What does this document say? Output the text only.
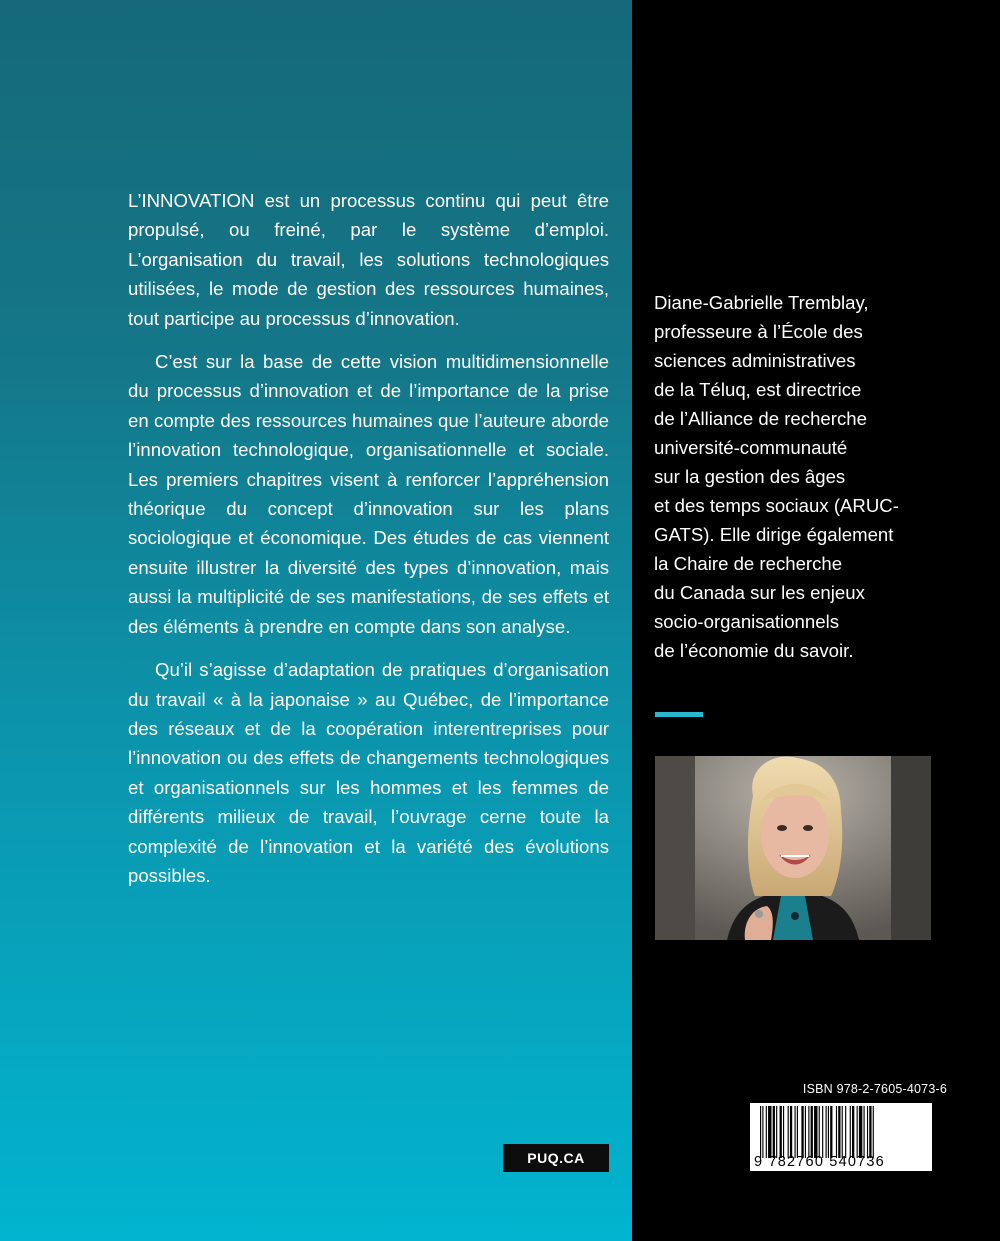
L’INNOVATION est un processus continu qui peut être propulsé, ou freiné, par le système d’emploi. L’organisation du travail, les solutions technologiques utilisées, le mode de gestion des ressources humaines, tout participe au processus d’innovation.

C’est sur la base de cette vision multidimensionnelle du processus d’innovation et de l’importance de la prise en compte des ressources humaines que l’auteure aborde l’innovation technologique, organisationnelle et sociale. Les premiers chapitres visent à renforcer l’appréhension théorique du concept d’innovation sur les plans sociologique et économique. Des études de cas viennent ensuite illustrer la diversité des types d’innovation, mais aussi la multiplicité de ses manifestations, de ses effets et des éléments à prendre en compte dans son analyse.

Qu’il s’agisse d’adaptation de pratiques d’organisation du travail « à la japonaise » au Québec, de l’importance des réseaux et de la coopération interentreprises pour l’innovation ou des effets de changements technologiques et organisationnels sur les hommes et les femmes de différents milieux de travail, l’ouvrage cerne toute la complexité de l’innovation et la variété des évolutions possibles.

Diane-Gabrielle Tremblay,
professeure à l’École des
sciences administratives
de la Téluq, est directrice
de l’Alliance de recherche
université-communauté
sur la gestion des âges
et des temps sociaux (ARUC-
GATS). Elle dirige également
la Chaire de recherche
du Canada sur les enjeux
socio-organisationnels
de l’économie du savoir.
ISBN 978-2-7605-4073-6
9 782760 540736
PUQ.CA
